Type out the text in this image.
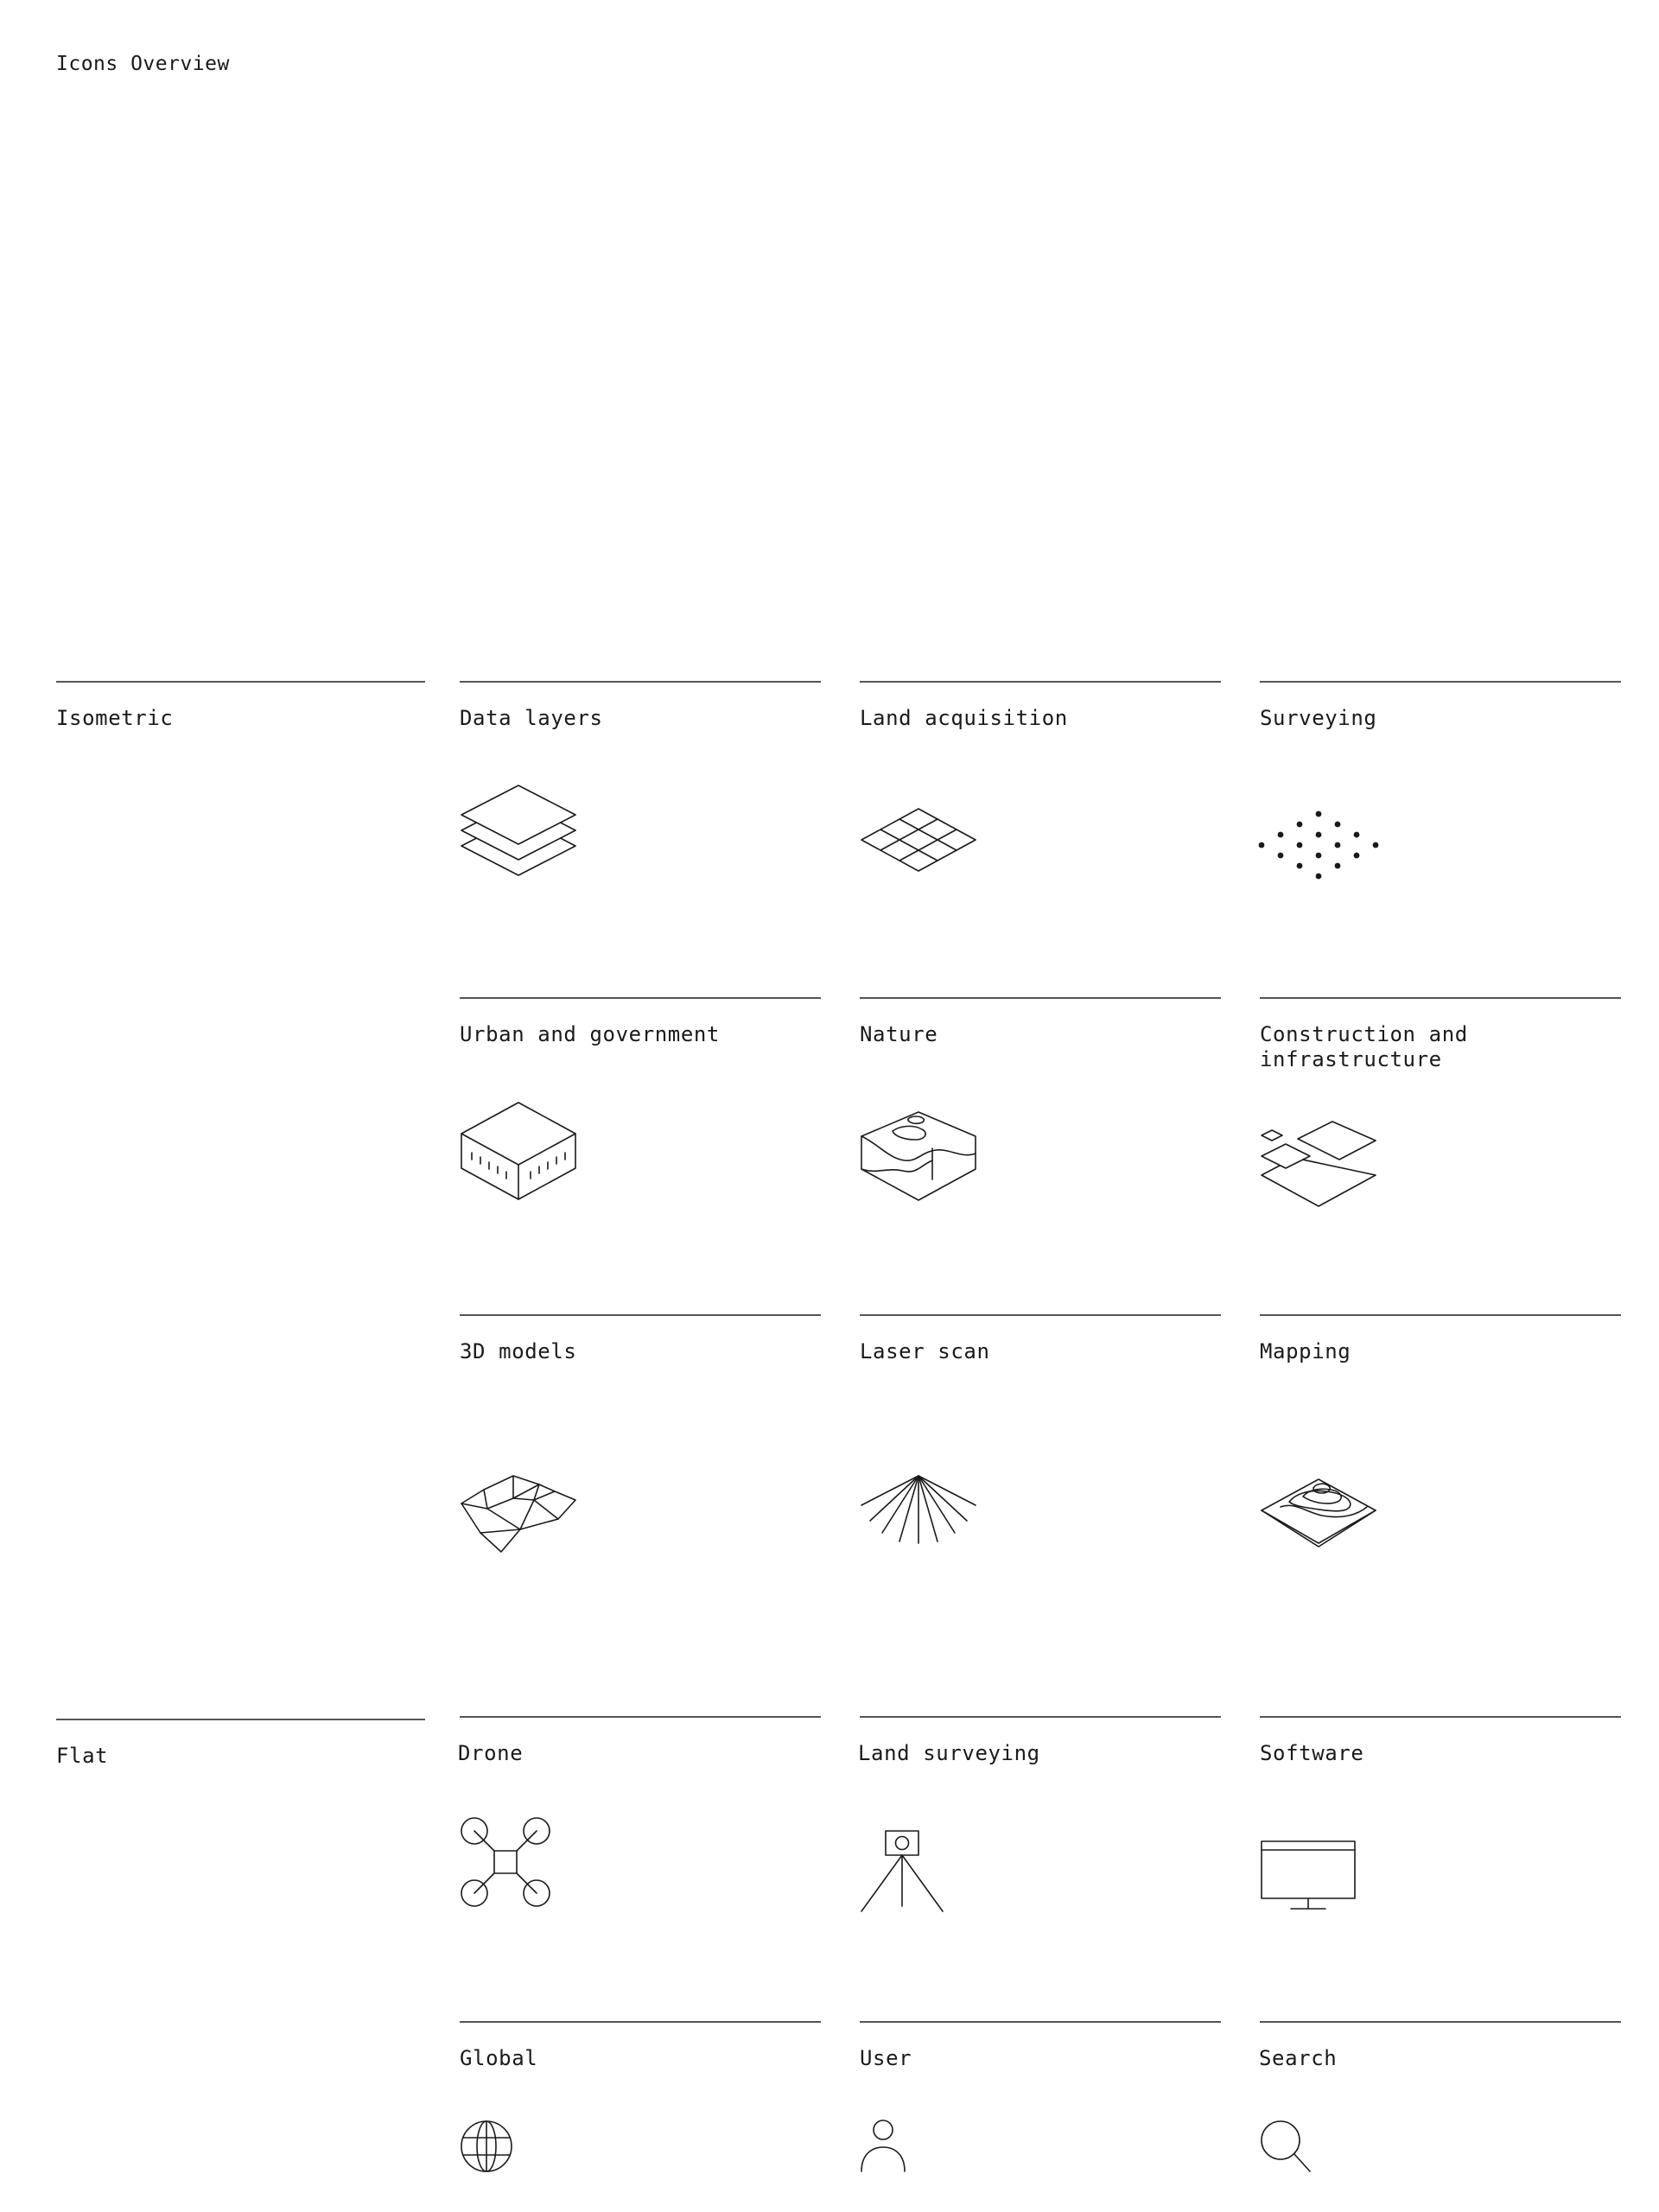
Icons Overview
Isometric	Data layers	Land acquisition	Surveying
Urban and government	Nature	Construction and
infrastructure
3D models	Laser scan	Mapping
Flat	Drone	Land surveying	Software
Global	User	Search
